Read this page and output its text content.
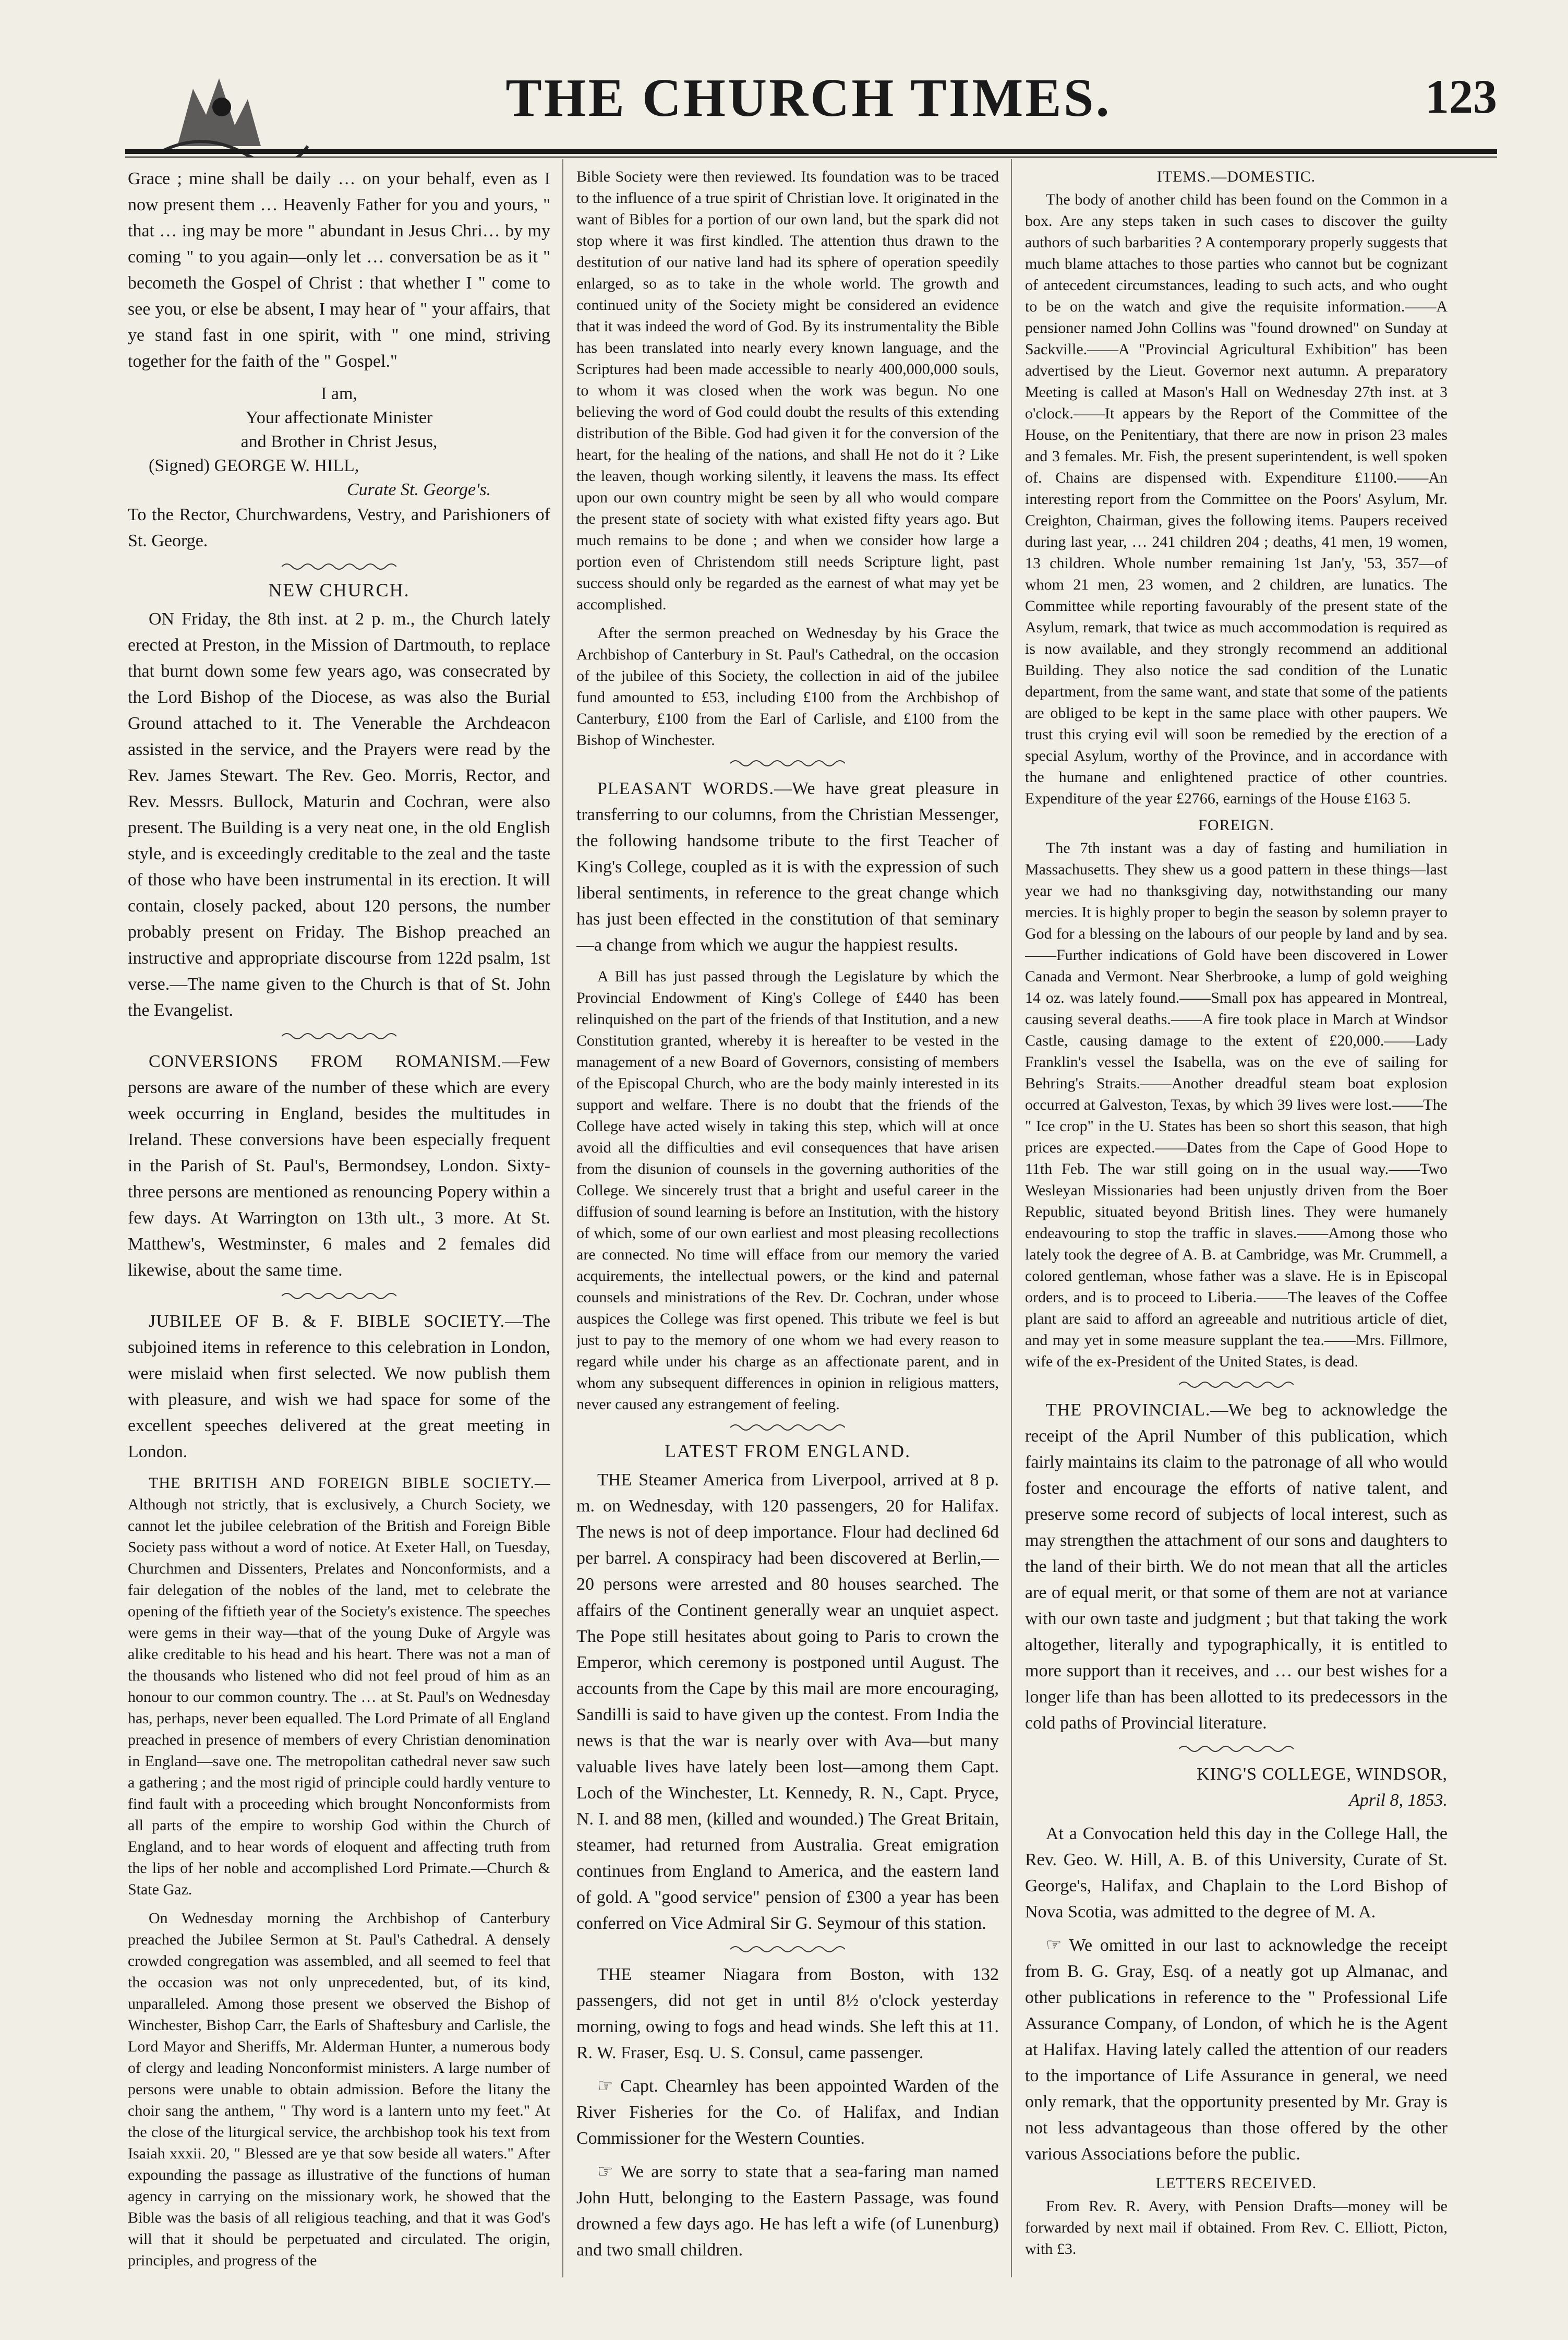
THE CHURCH TIMES.	123

Grace ; mine shall be daily … on your behalf, even as I now present them … Heavenly Father for you and yours, " that … ing may be more " abundant in Jesus Chri… by my coming " to you again—only let … conversation be as it " becometh the Gospel of Christ : that whether I " come to see you, or else be absent, I may hear of " your affairs, that ye stand fast in one spirit, with " one mind, striving together for the faith of the " Gospel."

I am,

Your affectionate Minister

and Brother in Christ Jesus,

(Signed) GEORGE W. HILL,

Curate St. George's.

To the Rector, Churchwardens, Vestry, and Parishioners of St. George.

NEW CHURCH.

ON Friday, the 8th inst. at 2 p. m., the Church lately erected at Preston, in the Mission of Dartmouth, to replace that burnt down some few years ago, was consecrated by the Lord Bishop of the Diocese, as was also the Burial Ground attached to it. The Venerable the Archdeacon assisted in the service, and the Prayers were read by the Rev. James Stewart. The Rev. Geo. Morris, Rector, and Rev. Messrs. Bullock, Maturin and Cochran, were also present. The Building is a very neat one, in the old English style, and is exceedingly creditable to the zeal and the taste of those who have been instrumental in its erection. It will contain, closely packed, about 120 persons, the number probably present on Friday. The Bishop preached an instructive and appropriate discourse from 122d psalm, 1st verse.—The name given to the Church is that of St. John the Evangelist.

CONVERSIONS FROM ROMANISM.—Few persons are aware of the number of these which are every week occurring in England, besides the multitudes in Ireland. These conversions have been especially frequent in the Parish of St. Paul's, Bermondsey, London. Sixty-three persons are mentioned as renouncing Popery within a few days. At Warrington on 13th ult., 3 more. At St. Matthew's, Westminster, 6 males and 2 females did likewise, about the same time.

JUBILEE OF B. & F. BIBLE SOCIETY.—The subjoined items in reference to this celebration in London, were mislaid when first selected. We now publish them with pleasure, and wish we had space for some of the excellent speeches delivered at the great meeting in London.

THE BRITISH AND FOREIGN BIBLE SOCIETY.—Although not strictly, that is exclusively, a Church Society, we cannot let the jubilee celebration of the British and Foreign Bible Society pass without a word of notice. At Exeter Hall, on Tuesday, Churchmen and Dissenters, Prelates and Nonconformists, and a fair delegation of the nobles of the land, met to celebrate the opening of the fiftieth year of the Society's existence. The speeches were gems in their way—that of the young Duke of Argyle was alike creditable to his head and his heart. There was not a man of the thousands who listened who did not feel proud of him as an honour to our common country. The … at St. Paul's on Wednesday has, perhaps, never been equalled. The Lord Primate of all England preached in presence of members of every Christian denomination in England—save one. The metropolitan cathedral never saw such a gathering ; and the most rigid of principle could hardly venture to find fault with a proceeding which brought Nonconformists from all parts of the empire to worship God within the Church of England, and to hear words of eloquent and affecting truth from the lips of her noble and accomplished Lord Primate.—Church & State Gaz.

On Wednesday morning the Archbishop of Canterbury preached the Jubilee Sermon at St. Paul's Cathedral. A densely crowded congregation was assembled, and all seemed to feel that the occasion was not only unprecedented, but, of its kind, unparalleled. Among those present we observed the Bishop of Winchester, Bishop Carr, the Earls of Shaftesbury and Carlisle, the Lord Mayor and Sheriffs, Mr. Alderman Hunter, a numerous body of clergy and leading Nonconformist ministers. A large number of persons were unable to obtain admission. Before the litany the choir sang the anthem, " Thy word is a lantern unto my feet." At the close of the liturgical service, the archbishop took his text from Isaiah xxxii. 20, " Blessed are ye that sow beside all waters." After expounding the passage as illustrative of the functions of human agency in carrying on the missionary work, he showed that the Bible was the basis of all religious teaching, and that it was God's will that it should be perpetuated and circulated. The origin, principles, and progress of the

Bible Society were then reviewed. Its foundation was to be traced to the influence of a true spirit of Christian love. It originated in the want of Bibles for a portion of our own land, but the spark did not stop where it was first kindled. The attention thus drawn to the destitution of our native land had its sphere of operation speedily enlarged, so as to take in the whole world. The growth and continued unity of the Society might be considered an evidence that it was indeed the word of God. By its instrumentality the Bible has been translated into nearly every known language, and the Scriptures had been made accessible to nearly 400,000,000 souls, to whom it was closed when the work was begun. No one believing the word of God could doubt the results of this extending distribution of the Bible. God had given it for the conversion of the heart, for the healing of the nations, and shall He not do it ? Like the leaven, though working silently, it leavens the mass. Its effect upon our own country might be seen by all who would compare the present state of society with what existed fifty years ago. But much remains to be done ; and when we consider how large a portion even of Christendom still needs Scripture light, past success should only be regarded as the earnest of what may yet be accomplished.

After the sermon preached on Wednesday by his Grace the Archbishop of Canterbury in St. Paul's Cathedral, on the occasion of the jubilee of this Society, the collection in aid of the jubilee fund amounted to £53, including £100 from the Archbishop of Canterbury, £100 from the Earl of Carlisle, and £100 from the Bishop of Winchester.

PLEASANT WORDS.—We have great pleasure in transferring to our columns, from the Christian Messenger, the following handsome tribute to the first Teacher of King's College, coupled as it is with the expression of such liberal sentiments, in reference to the great change which has just been effected in the constitution of that seminary—a change from which we augur the happiest results.

A Bill has just passed through the Legislature by which the Provincial Endowment of King's College of £440 has been relinquished on the part of the friends of that Institution, and a new Constitution granted, whereby it is hereafter to be vested in the management of a new Board of Governors, consisting of members of the Episcopal Church, who are the body mainly interested in its support and welfare. There is no doubt that the friends of the College have acted wisely in taking this step, which will at once avoid all the difficulties and evil consequences that have arisen from the disunion of counsels in the governing authorities of the College. We sincerely trust that a bright and useful career in the diffusion of sound learning is before an Institution, with the history of which, some of our own earliest and most pleasing recollections are connected. No time will efface from our memory the varied acquirements, the intellectual powers, or the kind and paternal counsels and ministrations of the Rev. Dr. Cochran, under whose auspices the College was first opened. This tribute we feel is but just to pay to the memory of one whom we had every reason to regard while under his charge as an affectionate parent, and in whom any subsequent differences in opinion in religious matters, never caused any estrangement of feeling.

LATEST FROM ENGLAND.

THE Steamer America from Liverpool, arrived at 8 p. m. on Wednesday, with 120 passengers, 20 for Halifax. The news is not of deep importance. Flour had declined 6d per barrel. A conspiracy had been discovered at Berlin,—20 persons were arrested and 80 houses searched. The affairs of the Continent generally wear an unquiet aspect. The Pope still hesitates about going to Paris to crown the Emperor, which ceremony is postponed until August. The accounts from the Cape by this mail are more encouraging, Sandilli is said to have given up the contest. From India the news is that the war is nearly over with Ava—but many valuable lives have lately been lost—among them Capt. Loch of the Winchester, Lt. Kennedy, R. N., Capt. Pryce, N. I. and 88 men, (killed and wounded.) The Great Britain, steamer, had returned from Australia. Great emigration continues from England to America, and the eastern land of gold. A "good service" pension of £300 a year has been conferred on Vice Admiral Sir G. Seymour of this station.

THE steamer Niagara from Boston, with 132 passengers, did not get in until 8½ o'clock yesterday morning, owing to fogs and head winds. She left this at 11. R. W. Fraser, Esq. U. S. Consul, came passenger.

☞ Capt. Chearnley has been appointed Warden of the River Fisheries for the Co. of Halifax, and Indian Commissioner for the Western Counties.

☞ We are sorry to state that a sea-faring man named John Hutt, belonging to the Eastern Passage, was found drowned a few days ago. He has left a wife (of Lunenburg) and two small children.

ITEMS.—DOMESTIC.

The body of another child has been found on the Common in a box. Are any steps taken in such cases to discover the guilty authors of such barbarities ? A contemporary properly suggests that much blame attaches to those parties who cannot but be cognizant of antecedent circumstances, leading to such acts, and who ought to be on the watch and give the requisite information.——A pensioner named John Collins was "found drowned" on Sunday at Sackville.——A "Provincial Agricultural Exhibition" has been advertised by the Lieut. Governor next autumn. A preparatory Meeting is called at Mason's Hall on Wednesday 27th inst. at 3 o'clock.——It appears by the Report of the Committee of the House, on the Penitentiary, that there are now in prison 23 males and 3 females. Mr. Fish, the present superintendent, is well spoken of. Chains are dispensed with. Expenditure £1100.——An interesting report from the Committee on the Poors' Asylum, Mr. Creighton, Chairman, gives the following items. Paupers received during last year, … 241 children 204 ; deaths, 41 men, 19 women, 13 children. Whole number remaining 1st Jan'y, '53, 357—of whom 21 men, 23 women, and 2 children, are lunatics. The Committee while reporting favourably of the present state of the Asylum, remark, that twice as much accommodation is required as is now available, and they strongly recommend an additional Building. They also notice the sad condition of the Lunatic department, from the same want, and state that some of the patients are obliged to be kept in the same place with other paupers. We trust this crying evil will soon be remedied by the erection of a special Asylum, worthy of the Province, and in accordance with the humane and enlightened practice of other countries. Expenditure of the year £2766, earnings of the House £163 5.

FOREIGN.

The 7th instant was a day of fasting and humiliation in Massachusetts. They shew us a good pattern in these things—last year we had no thanksgiving day, notwithstanding our many mercies. It is highly proper to begin the season by solemn prayer to God for a blessing on the labours of our people by land and by sea.——Further indications of Gold have been discovered in Lower Canada and Vermont. Near Sherbrooke, a lump of gold weighing 14 oz. was lately found.——Small pox has appeared in Montreal, causing several deaths.——A fire took place in March at Windsor Castle, causing damage to the extent of £20,000.——Lady Franklin's vessel the Isabella, was on the eve of sailing for Behring's Straits.——Another dreadful steam boat explosion occurred at Galveston, Texas, by which 39 lives were lost.——The " Ice crop" in the U. States has been so short this season, that high prices are expected.——Dates from the Cape of Good Hope to 11th Feb. The war still going on in the usual way.——Two Wesleyan Missionaries had been unjustly driven from the Boer Republic, situated beyond British lines. They were humanely endeavouring to stop the traffic in slaves.——Among those who lately took the degree of A. B. at Cambridge, was Mr. Crummell, a colored gentleman, whose father was a slave. He is in Episcopal orders, and is to proceed to Liberia.——The leaves of the Coffee plant are said to afford an agreeable and nutritious article of diet, and may yet in some measure supplant the tea.——Mrs. Fillmore, wife of the ex-President of the United States, is dead.

THE PROVINCIAL.—We beg to acknowledge the receipt of the April Number of this publication, which fairly maintains its claim to the patronage of all who would foster and encourage the efforts of native talent, and preserve some record of subjects of local interest, such as may strengthen the attachment of our sons and daughters to the land of their birth. We do not mean that all the articles are of equal merit, or that some of them are not at variance with our own taste and judgment ; but that taking the work altogether, literally and typographically, it is entitled to more support than it receives, and … our best wishes for a longer life than has been allotted to its predecessors in the cold paths of Provincial literature.

KING'S COLLEGE, WINDSOR,

April 8, 1853.

At a Convocation held this day in the College Hall, the Rev. Geo. W. Hill, A. B. of this University, Curate of St. George's, Halifax, and Chaplain to the Lord Bishop of Nova Scotia, was admitted to the degree of M. A.

☞ We omitted in our last to acknowledge the receipt from B. G. Gray, Esq. of a neatly got up Almanac, and other publications in reference to the " Professional Life Assurance Company, of London, of which he is the Agent at Halifax. Having lately called the attention of our readers to the importance of Life Assurance in general, we need only remark, that the opportunity presented by Mr. Gray is not less advantageous than those offered by the other various Associations before the public.

LETTERS RECEIVED.

From Rev. R. Avery, with Pension Drafts—money will be forwarded by next mail if obtained. From Rev. C. Elliott, Picton, with £3.
